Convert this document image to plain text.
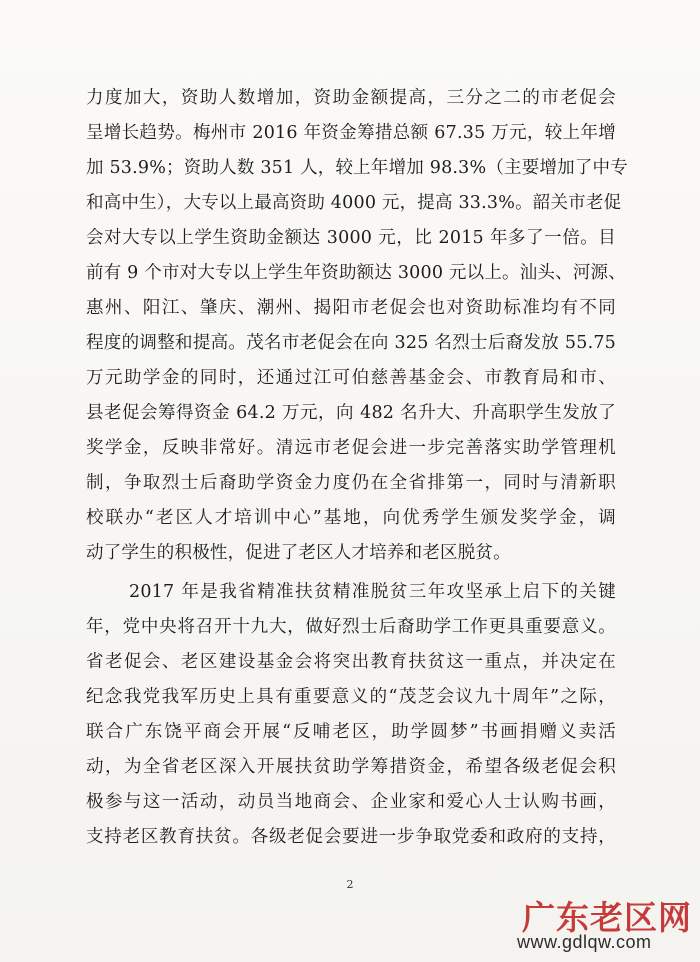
力度加大，资助人数增加，资助金额提高，三分之二的市老促会
呈增长趋势。梅州市 2016 年资金筹措总额 67.35 万元，较上年增
加 53.9%；资助人数 351 人，较上年增加 98.3%（主要增加了中专
和高中生），大专以上最高资助 4000 元，提高 33.3%。韶关市老促
会对大专以上学生资助金额达 3000 元，比 2015 年多了一倍。目
前有 9 个市对大专以上学生年资助额达 3000 元以上。汕头、河源、
惠州、阳江、肇庆、潮州、揭阳市老促会也对资助标准均有不同
程度的调整和提高。茂名市老促会在向 325 名烈士后裔发放 55.75
万元助学金的同时，还通过江可伯慈善基金会、市教育局和市、
县老促会筹得资金 64.2 万元，向 482 名升大、升高职学生发放了
奖学金，反映非常好。清远市老促会进一步完善落实助学管理机
制，争取烈士后裔助学资金力度仍在全省排第一，同时与清新职
校联办“老区人才培训中心”基地，向优秀学生颁发奖学金，调
动了学生的积极性，促进了老区人才培养和老区脱贫。
2017 年是我省精准扶贫精准脱贫三年攻坚承上启下的关键
年，党中央将召开十九大，做好烈士后裔助学工作更具重要意义。
省老促会、老区建设基金会将突出教育扶贫这一重点，并决定在
纪念我党我军历史上具有重要意义的“茂芝会议九十周年”之际，
联合广东饶平商会开展“反哺老区，助学圆梦”书画捐赠义卖活
动，为全省老区深入开展扶贫助学筹措资金，希望各级老促会积
极参与这一活动，动员当地商会、企业家和爱心人士认购书画，
支持老区教育扶贫。各级老促会要进一步争取党委和政府的支持，
2
广东老区网
www.gdlqw.com
